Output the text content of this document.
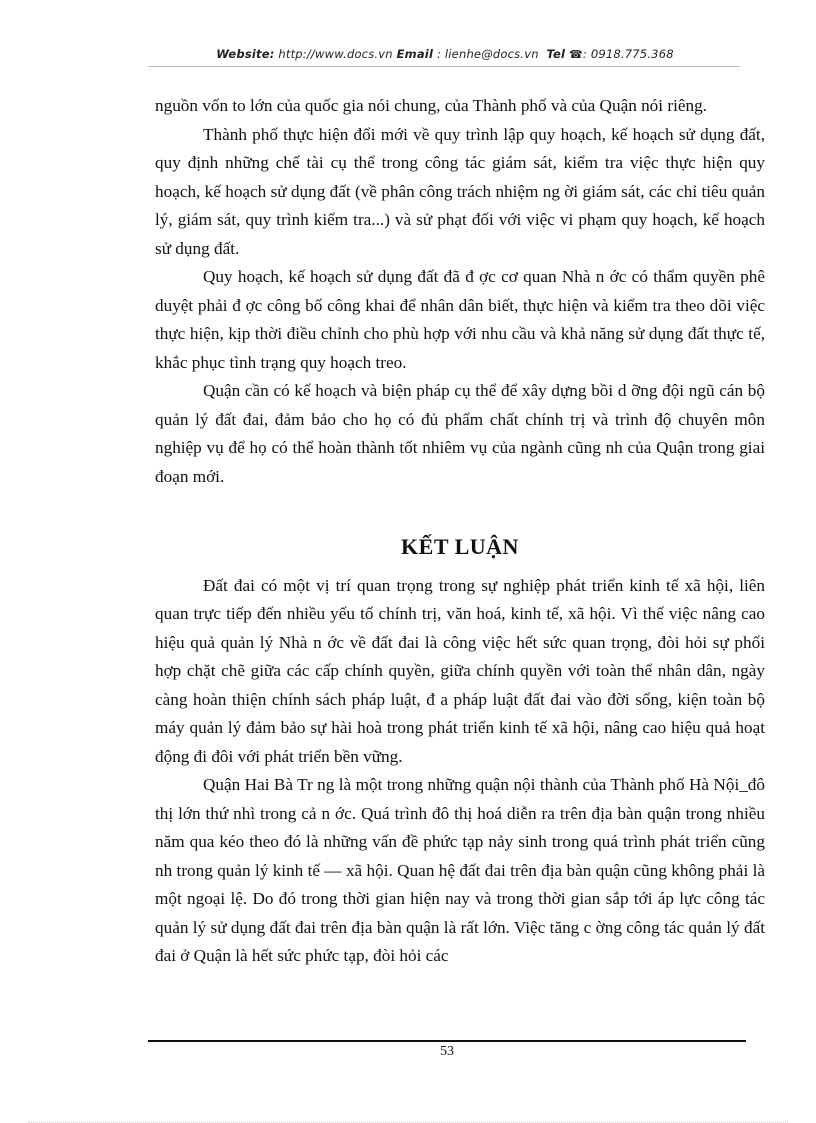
Website: http://www.docs.vn Email : lienhe@docs.vn Tel ☎: 0918.775.368

nguồn vốn to lớn của quốc gia nói chung, của Thành phố và của Quận nói riêng.

Thành phố thực hiện đổi mới về quy trình lập quy hoạch, kế hoạch sử dụng đất, quy định những chế tài cụ thể trong công tác giám sát, kiểm tra việc thực hiện quy hoạch, kế hoạch sử dụng đất (về phân công trách nhiệm ng ời giám sát, các chỉ tiêu quản lý, giám sát, quy trình kiểm tra...) và sử phạt đối với việc vi phạm quy hoạch, kế hoạch sử dụng đất.

Quy hoạch, kế hoạch sử dụng đất đã đ ợc cơ quan Nhà n ớc có thẩm quyền phê duyệt phải đ ợc công bố công khai để nhân dân biết, thực hiện và kiểm tra theo dõi việc thực hiện, kịp thời điều chỉnh cho phù hợp với nhu cầu và khả năng sử dụng đất thực tế, khắc phục tình trạng quy hoạch treo.

Quận cần có kế hoạch và biện pháp cụ thể để xây dựng bồi d ỡng đội ngũ cán bộ quản lý đất đai, đảm bảo cho họ có đủ phẩm chất chính trị và trình độ chuyên môn nghiệp vụ để họ có thể hoàn thành tốt nhiêm vụ của ngành cũng nh của Quận trong giai đoạn mới.

KẾT LUẬN

Đất đai có một vị trí quan trọng trong sự nghiệp phát triển kinh tế xã hội, liên quan trực tiếp đến nhiều yếu tố chính trị, văn hoá, kinh tế, xã hội. Vì thế việc nâng cao hiệu quả quản lý Nhà n ớc về đất đai là công việc hết sức quan trọng, đòi hỏi sự phối hợp chặt chẽ giữa các cấp chính quyền, giữa chính quyền với toàn thể nhân dân, ngày càng hoàn thiện chính sách pháp luật, đ a pháp luật đất đai vào đời sống, kiện toàn bộ máy quản lý đảm bảo sự hài hoà trong phát triển kinh tế xã hội, nâng cao hiệu quả hoạt động đi đôi với phát triển bền vững.

Quận Hai Bà Tr ng là một trong những quận nội thành của Thành phố Hà Nội_đô thị lớn thứ nhì trong cả n ớc. Quá trình đô thị hoá diễn ra trên địa bàn quận trong nhiều năm qua kéo theo đó là những vấn đề phức tạp nảy sinh trong quá trình phát triển cũng nh trong quản lý kinh tế — xã hội. Quan hệ đất đai trên địa bàn quận cũng không phải là một ngoại lệ. Do đó trong thời gian hiện nay và trong thời gian sắp tới áp lực công tác quản lý sử dụng đất đai trên địa bàn quận là rất lớn. Việc tăng c ờng công tác quản lý đất đai ở Quận là hết sức phức tạp, đòi hỏi các

53
